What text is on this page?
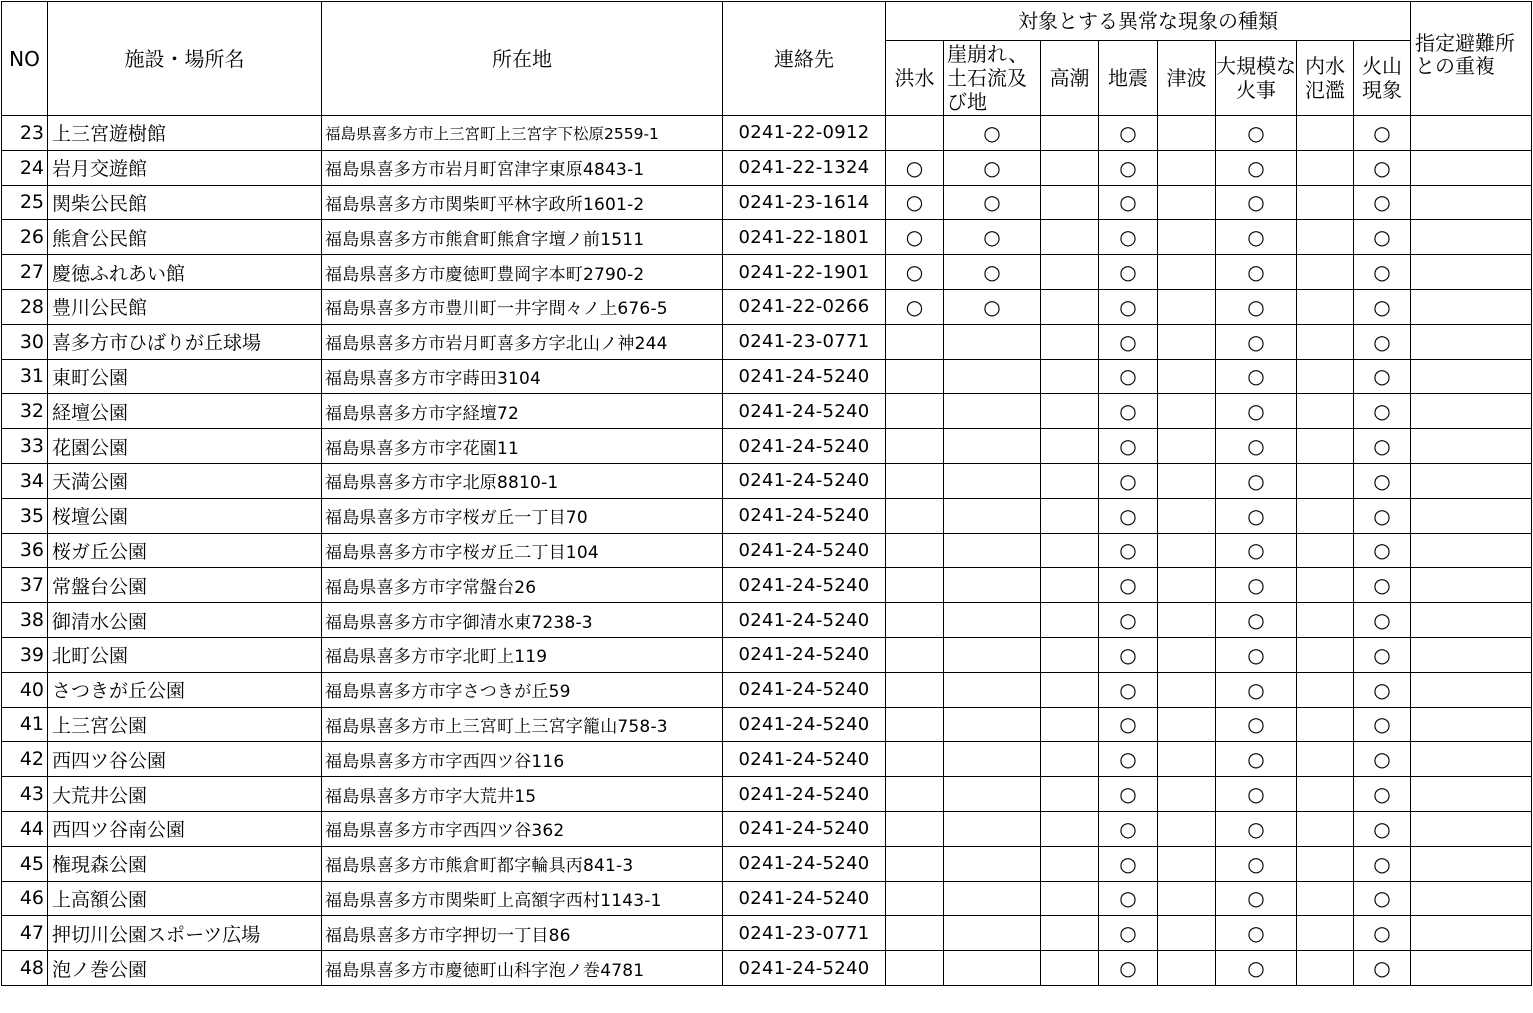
NO	施設・場所名	所在地	連絡先	対象とする異常な現象の種類								指定避難所との重複
				洪水	崖崩れ、土石流及び地	高潮	地震	津波	大規模な火事	内水氾濫	火山現象	
23	上三宮遊樹館	福島県喜多方市上三宮町上三宮字下松原2559-1	0241-22-0912		○		○		○		○	
24	岩月交遊館	福島県喜多方市岩月町宮津字東原4843-1	0241-22-1324	○	○		○		○		○	
25	関柴公民館	福島県喜多方市関柴町平林字政所1601-2	0241-23-1614	○	○		○		○		○	
26	熊倉公民館	福島県喜多方市熊倉町熊倉字壇ノ前1511	0241-22-1801	○	○		○		○		○	
27	慶徳ふれあい館	福島県喜多方市慶徳町豊岡字本町2790-2	0241-22-1901	○	○		○		○		○	
28	豊川公民館	福島県喜多方市豊川町一井字間々ノ上676-5	0241-22-0266	○	○		○		○		○	
30	喜多方市ひばりが丘球場	福島県喜多方市岩月町喜多方字北山ノ神244	0241-23-0771				○		○		○	
31	東町公園	福島県喜多方市字蒔田3104	0241-24-5240				○		○		○	
32	経壇公園	福島県喜多方市字経壇72	0241-24-5240				○		○		○	
33	花園公園	福島県喜多方市字花園11	0241-24-5240				○		○		○	
34	天満公園	福島県喜多方市字北原8810-1	0241-24-5240				○		○		○	
35	桜壇公園	福島県喜多方市字桜ガ丘一丁目70	0241-24-5240				○		○		○	
36	桜ガ丘公園	福島県喜多方市字桜ガ丘二丁目104	0241-24-5240				○		○		○	
37	常盤台公園	福島県喜多方市字常盤台26	0241-24-5240				○		○		○	
38	御清水公園	福島県喜多方市字御清水東7238-3	0241-24-5240				○		○		○	
39	北町公園	福島県喜多方市字北町上119	0241-24-5240				○		○		○	
40	さつきが丘公園	福島県喜多方市字さつきが丘59	0241-24-5240				○		○		○	
41	上三宮公園	福島県喜多方市上三宮町上三宮字籠山758-3	0241-24-5240				○		○		○	
42	西四ツ谷公園	福島県喜多方市字西四ツ谷116	0241-24-5240				○		○		○	
43	大荒井公園	福島県喜多方市字大荒井15	0241-24-5240				○		○		○	
44	西四ツ谷南公園	福島県喜多方市字西四ツ谷362	0241-24-5240				○		○		○	
45	権現森公園	福島県喜多方市熊倉町都字輪具丙841-3	0241-24-5240				○		○		○	
46	上高額公園	福島県喜多方市関柴町上高額字西村1143-1	0241-24-5240				○		○		○	
47	押切川公園スポーツ広場	福島県喜多方市字押切一丁目86	0241-23-0771				○		○		○	
48	泡ノ巻公園	福島県喜多方市慶徳町山科字泡ノ巻4781	0241-24-5240				○		○		○	
